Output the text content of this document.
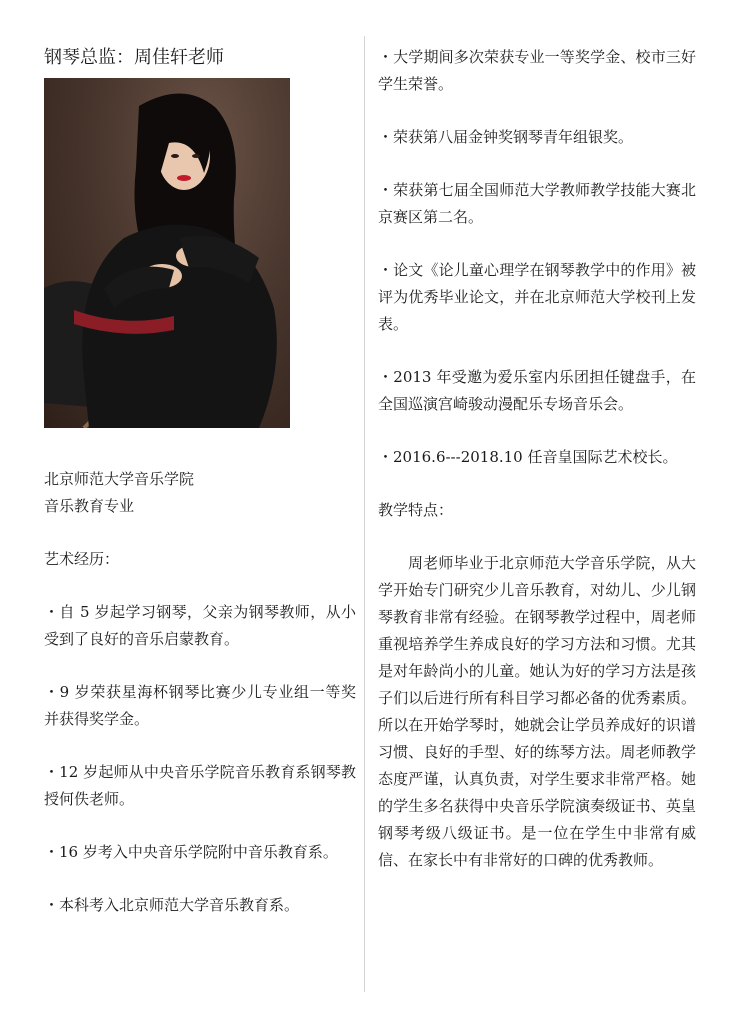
钢琴总监：周佳轩老师

北京师范大学音乐学院

音乐教育专业

艺术经历：

・自 5 岁起学习钢琴，父亲为钢琴教师，从小受到了良好的音乐启蒙教育。

・9 岁荣获星海杯钢琴比赛少儿专业组一等奖并获得奖学金。

・12 岁起师从中央音乐学院音乐教育系钢琴教授何佚老师。

・16 岁考入中央音乐学院附中音乐教育系。

・本科考入北京师范大学音乐教育系。

・大学期间多次荣获专业一等奖学金、校市三好学生荣誉。

・荣获第八届金钟奖钢琴青年组银奖。

・荣获第七届全国师范大学教师教学技能大赛北京赛区第二名。

・论文《论儿童心理学在钢琴教学中的作用》被评为优秀毕业论文，并在北京师范大学校刊上发表。

・2013 年受邀为爱乐室内乐团担任键盘手，在全国巡演宫崎骏动漫配乐专场音乐会。

・2016.6---2018.10 任音皇国际艺术校长。

教学特点：

周老师毕业于北京师范大学音乐学院，从大学开始专门研究少儿音乐教育，对幼儿、少儿钢琴教育非常有经验。在钢琴教学过程中，周老师重视培养学生养成良好的学习方法和习惯。尤其是对年龄尚小的儿童。她认为好的学习方法是孩子们以后进行所有科目学习都必备的优秀素质。所以在开始学琴时，她就会让学员养成好的识谱习惯、良好的手型、好的练琴方法。周老师教学态度严谨，认真负责，对学生要求非常严格。她的学生多名获得中央音乐学院演奏级证书、英皇钢琴考级八级证书。是一位在学生中非常有威信、在家长中有非常好的口碑的优秀教师。
